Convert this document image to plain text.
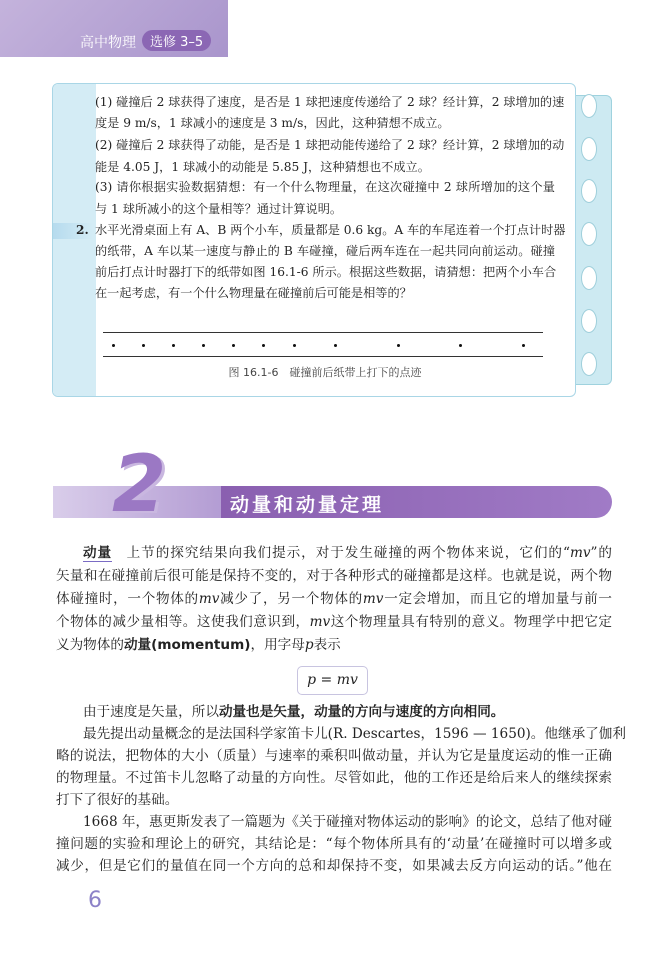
高中物理	选修 3–5
(1) 碰撞后 2 球获得了速度，是否是 1 球把速度传递给了 2 球？经计算，2 球增加的速
度是 9 m/s，1 球减小的速度是 3 m/s，因此，这种猜想不成立。
(2) 碰撞后 2 球获得了动能，是否是 1 球把动能传递给了 2 球？经计算，2 球增加的动
能是 4.05 J，1 球减小的动能是 5.85 J，这种猜想也不成立。
(3) 请你根据实验数据猜想：有一个什么物理量，在这次碰撞中 2 球所增加的这个量
与 1 球所减小的这个量相等？通过计算说明。
2. 水平光滑桌面上有 A、B 两个小车，质量都是 0.6 kg。A 车的车尾连着一个打点计时器
的纸带，A 车以某一速度与静止的 B 车碰撞，碰后两车连在一起共同向前运动。碰撞
前后打点计时器打下的纸带如图 16.1-6 所示。根据这些数据，请猜想：把两个小车合
在一起考虑，有一个什么物理量在碰撞前后可能是相等的？
图 16.1-6　碰撞前后纸带上打下的点迹
2	动量和动量定理
动量　 上节的探究结果向我们提示，对于发生碰撞的两个物体来说，它们的“mv”的
矢量和在碰撞前后很可能是保持不变的，对于各种形式的碰撞都是这样。也就是说，两个物
体碰撞时，一个物体的mv减少了，另一个物体的mv一定会增加，而且它的增加量与前一
个物体的减少量相等。这使我们意识到，mv这个物理量具有特别的意义。物理学中把它定
义为物体的动量(momentum)，用字母p表示
p = mv
由于速度是矢量，所以动量也是矢量，动量的方向与速度的方向相同。
最先提出动量概念的是法国科学家笛卡儿(R. Descartes，1596 — 1650)。他继承了伽利
略的说法，把物体的大小（质量）与速率的乘积叫做动量，并认为它是量度运动的惟一正确
的物理量。不过笛卡儿忽略了动量的方向性。尽管如此，他的工作还是给后来人的继续探索
打下了很好的基础。
1668 年，惠更斯发表了一篇题为《关于碰撞对物体运动的影响》的论文，总结了他对碰
撞问题的实验和理论上的研究，其结论是：“每个物体所具有的‘动量’在碰撞时可以增多或
减少，但是它们的量值在同一个方向的总和却保持不变，如果减去反方向运动的话。”他在
6
